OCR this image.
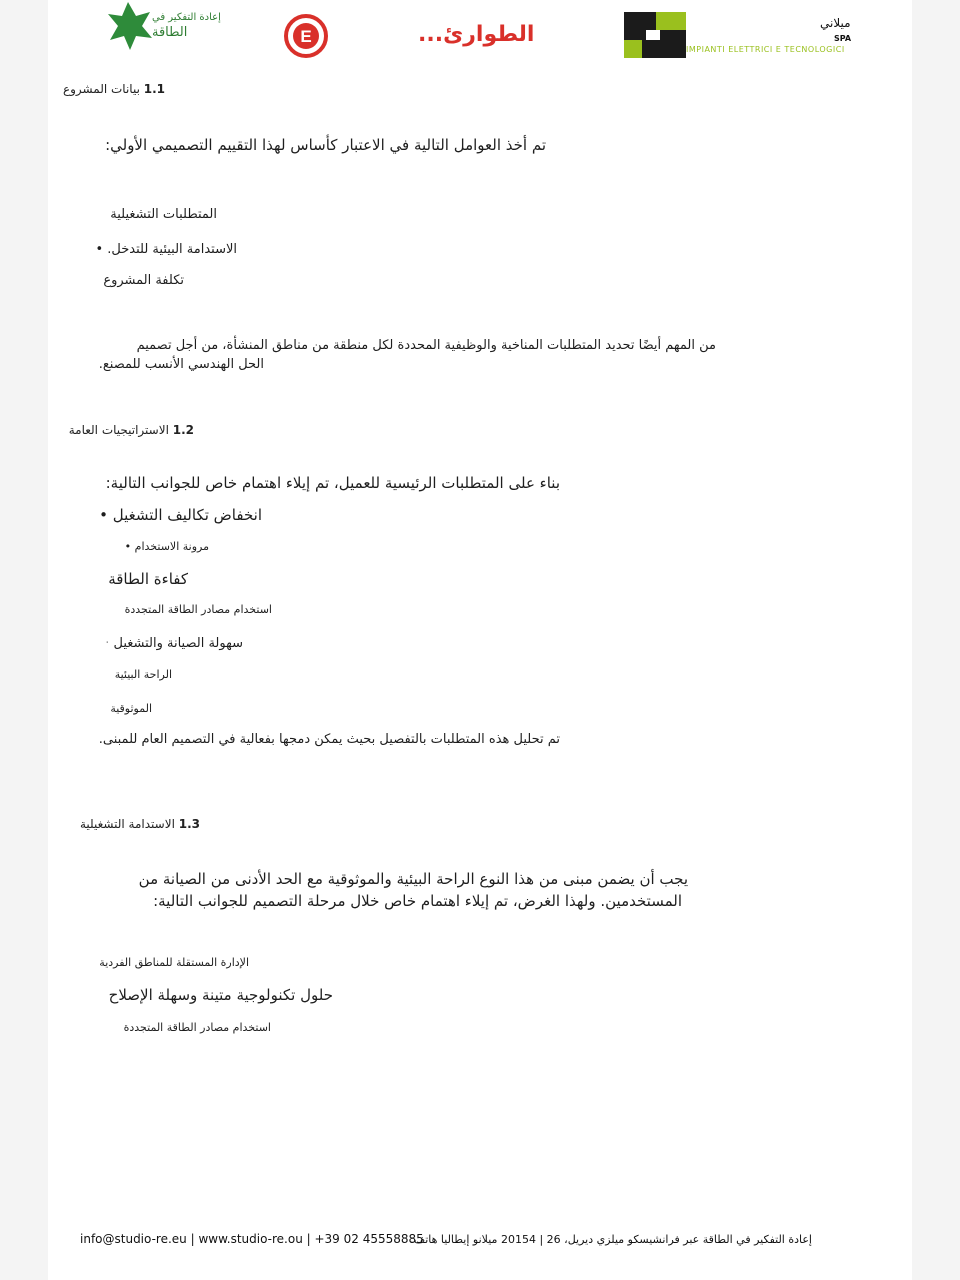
إعادة التفكير في
الطاقة	E	الطوارئ...	ميلاني
SPA
IMPIANTI ELETTRICI E TECNOLOGICI
1.1 بيانات المشروع
تم أخذ العوامل التالية في الاعتبار كأساس لهذا التقييم التصميمي الأولي:
المتطلبات التشغيلية
الاستدامة البيئية للتدخل. •
تكلفة المشروع
من المهم أيضًا تحديد المتطلبات المناخية والوظيفية المحددة لكل منطقة من مناطق المنشأة، من أجل تصميم
الحل الهندسي الأنسب للمصنع.
1.2 الاستراتيجيات العامة
بناء على المتطلبات الرئيسية للعميل، تم إيلاء اهتمام خاص للجوانب التالية:
انخفاض تكاليف التشغيل •
مرونة الاستخدام •
كفاءة الطاقة
استخدام مصادر الطاقة المتجددة
سهولة الصيانة والتشغيل ·
الراحة البيئية
الموثوقية
تم تحليل هذه المتطلبات بالتفصيل بحيث يمكن دمجها بفعالية في التصميم العام للمبنى.
1.3 الاستدامة التشغيلية
يجب أن يضمن مبنى من هذا النوع الراحة البيئية والموثوقية مع الحد الأدنى من الصيانة من
المستخدمين. ولهذا الغرض، تم إيلاء اهتمام خاص خلال مرحلة التصميم للجوانب التالية:
الإدارة المستقلة للمناطق الفردية
حلول تكنولوجية متينة وسهلة الإصلاح
استخدام مصادر الطاقة المتجددة
info@studio-re.eu | www.studio-re.ou | +39 02 45558885
إعادة التفكير في الطاقة عبر فرانشيسكو ميلزي ديريل، 26 | 20154 ميلانو إيطاليا هاتف:
